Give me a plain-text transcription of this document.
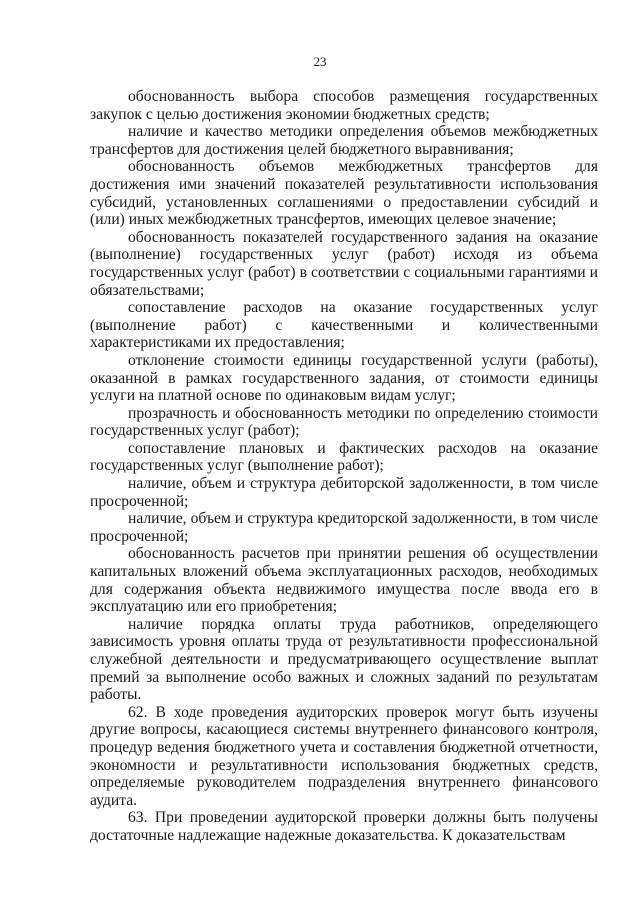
23

обоснованность выбора способов размещения государственных закупок с целью достижения экономии бюджетных средств;

наличие и качество методики определения объемов межбюджетных трансфертов для достижения целей бюджетного выравнивания;

обоснованность объемов межбюджетных трансфертов для достижения ими значений показателей результативности использования субсидий, установленных соглашениями о предоставлении субсидий и (или) иных межбюджетных трансфертов, имеющих целевое значение;

обоснованность показателей государственного задания на оказание (выполнение) государственных услуг (работ) исходя из объема государственных услуг (работ) в соответствии с социальными гарантиями и обязательствами;

сопоставление расходов на оказание государственных услуг (выполнение работ) с качественными и количественными характеристиками их предоставления;

отклонение стоимости единицы государственной услуги (работы), оказанной в рамках государственного задания, от стоимости единицы услуги на платной основе по одинаковым видам услуг;

прозрачность и обоснованность методики по определению стоимости государственных услуг (работ);

сопоставление плановых и фактических расходов на оказание государственных услуг (выполнение работ);

наличие, объем и структура дебиторской задолженности, в том числе просроченной;

наличие, объем и структура кредиторской задолженности, в том числе просроченной;

обоснованность расчетов при принятии решения об осуществлении капитальных вложений объема эксплуатационных расходов, необходимых для содержания объекта недвижимого имущества после ввода его в эксплуатацию или его приобретения;

наличие порядка оплаты труда работников, определяющего зависимость уровня оплаты труда от результативности профессиональной служебной деятельности и предусматривающего осуществление выплат премий за выполнение особо важных и сложных заданий по результатам работы.

62. В ходе проведения аудиторских проверок могут быть изучены другие вопросы, касающиеся системы внутреннего финансового контроля, процедур ведения бюджетного учета и составления бюджетной отчетности, экономности и результативности использования бюджетных средств, определяемые руководителем подразделения внутреннего финансового аудита.

63. При проведении аудиторской проверки должны быть получены достаточные надлежащие надежные доказательства. К доказательствам
